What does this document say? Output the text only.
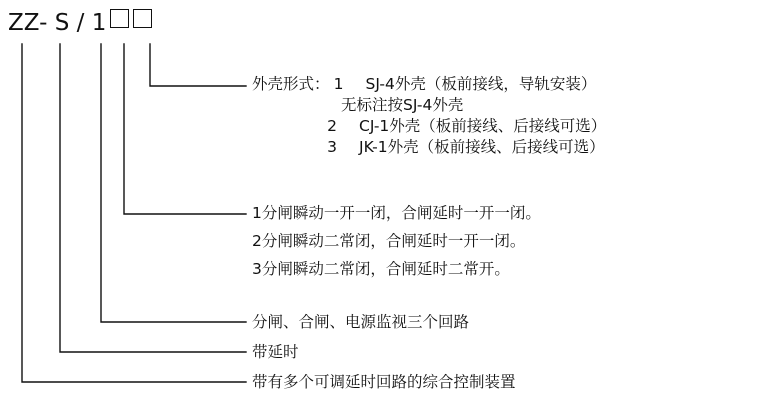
ZZ- S / 1
外壳形式： 1	SJ-4外壳（板前接线，导轨安装）
无标注按SJ-4外壳
2	CJ-1外壳（板前接线、后接线可选）
3	JK-1外壳（板前接线、后接线可选）
1分闸瞬动一开一闭，合闸延时一开一闭。
2分闸瞬动二常闭，合闸延时一开一闭。
3分闸瞬动二常闭，合闸延时二常开。
分闸、合闸、电源监视三个回路
带延时
带有多个可调延时回路的综合控制装置
